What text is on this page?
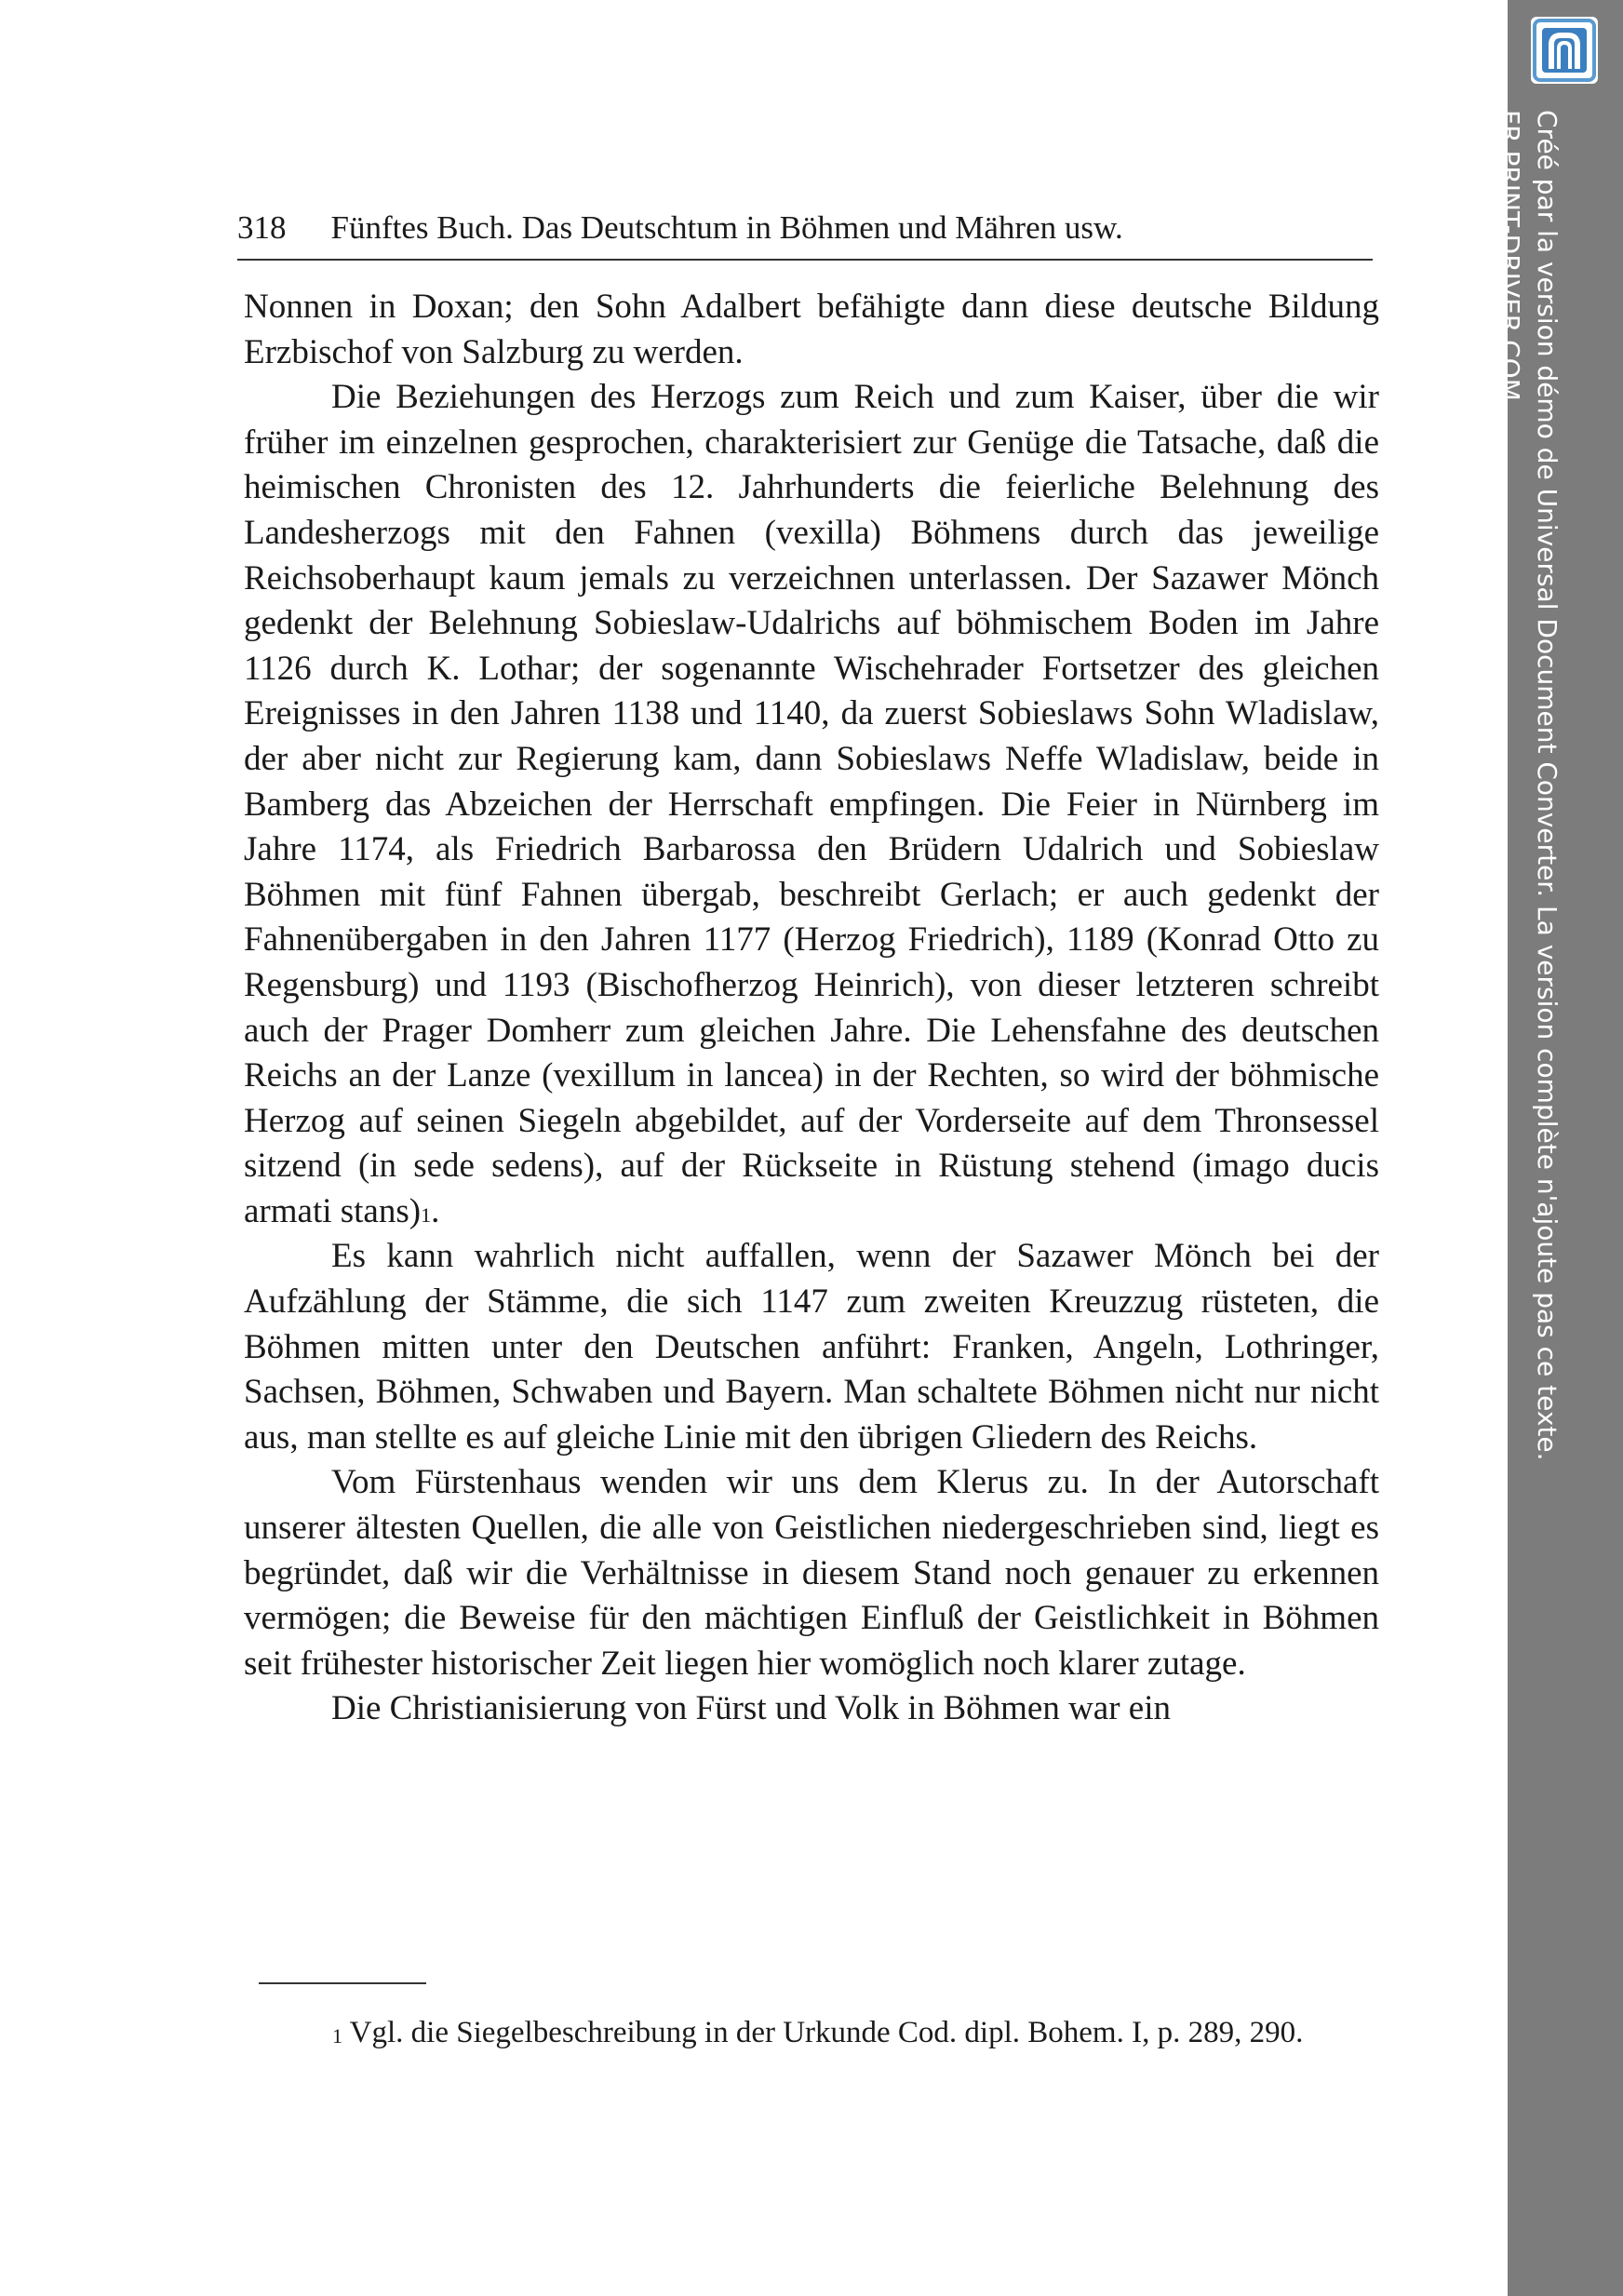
318 Fünftes Buch. Das Deutschtum in Böhmen und Mähren usw.

Nonnen in Doxan; den Sohn Adalbert befähigte dann diese deutsche Bildung Erzbischof von Salzburg zu werden.

Die Beziehungen des Herzogs zum Reich und zum Kaiser, über die wir früher im einzelnen gesprochen, charakterisiert zur Genüge die Tatsache, daß die heimischen Chronisten des 12. Jahrhunderts die feierliche Belehnung des Landesherzogs mit den Fahnen (vexilla) Böhmens durch das jeweilige Reichsoberhaupt kaum jemals zu verzeichnen unterlassen. Der Sazawer Mönch gedenkt der Belehnung Sobieslaw-Udalrichs auf böhmischem Boden im Jahre 1126 durch K. Lothar; der sogenannte Wischehrader Fortsetzer des gleichen Ereignisses in den Jahren 1138 und 1140, da zuerst Sobieslaws Sohn Wladislaw, der aber nicht zur Regierung kam, dann Sobieslaws Neffe Wladislaw, beide in Bamberg das Abzeichen der Herrschaft empfingen. Die Feier in Nürnberg im Jahre 1174, als Friedrich Barbarossa den Brüdern Udalrich und Sobieslaw Böhmen mit fünf Fahnen übergab, beschreibt Gerlach; er auch gedenkt der Fahnenübergaben in den Jahren 1177 (Herzog Friedrich), 1189 (Konrad Otto zu Regensburg) und 1193 (Bischofherzog Heinrich), von dieser letzteren schreibt auch der Prager Domherr zum gleichen Jahre. Die Lehensfahne des deutschen Reichs an der Lanze (vexillum in lancea) in der Rechten, so wird der böhmische Herzog auf seinen Siegeln abgebildet, auf der Vorderseite auf dem Thronsessel sitzend (in sede sedens), auf der Rückseite in Rüstung stehend (imago ducis armati stans)$^1$.

Es kann wahrlich nicht auffallen, wenn der Sazawer Mönch bei der Aufzählung der Stämme, die sich 1147 zum zweiten Kreuzzug rüsteten, die Böhmen mitten unter den Deutschen anführt: Franken, Angeln, Lothringer, Sachsen, Böhmen, Schwaben und Bayern. Man schaltete Böhmen nicht nur nicht aus, man stellte es auf gleiche Linie mit den übrigen Gliedern des Reichs.

Vom Fürstenhaus wenden wir uns dem Klerus zu. In der Autorschaft unserer ältesten Quellen, die alle von Geistlichen niedergeschrieben sind, liegt es begründet, daß wir die Verhältnisse in diesem Stand noch genauer zu erkennen vermögen; die Beweise für den mächtigen Einfluß der Geistlichkeit in Böhmen seit frühester historischer Zeit liegen hier womöglich noch klarer zutage.

Die Christianisierung von Fürst und Volk in Böhmen war ein

$^1$ Vgl. die Siegelbeschreibung in der Urkunde Cod. dipl. Bohem. I, p. 289, 290.

Créé par la version démo de Universal Document Converter. La version complète n'ajoute pas ce texte.
FR.PRINT-DRIVER.COM
